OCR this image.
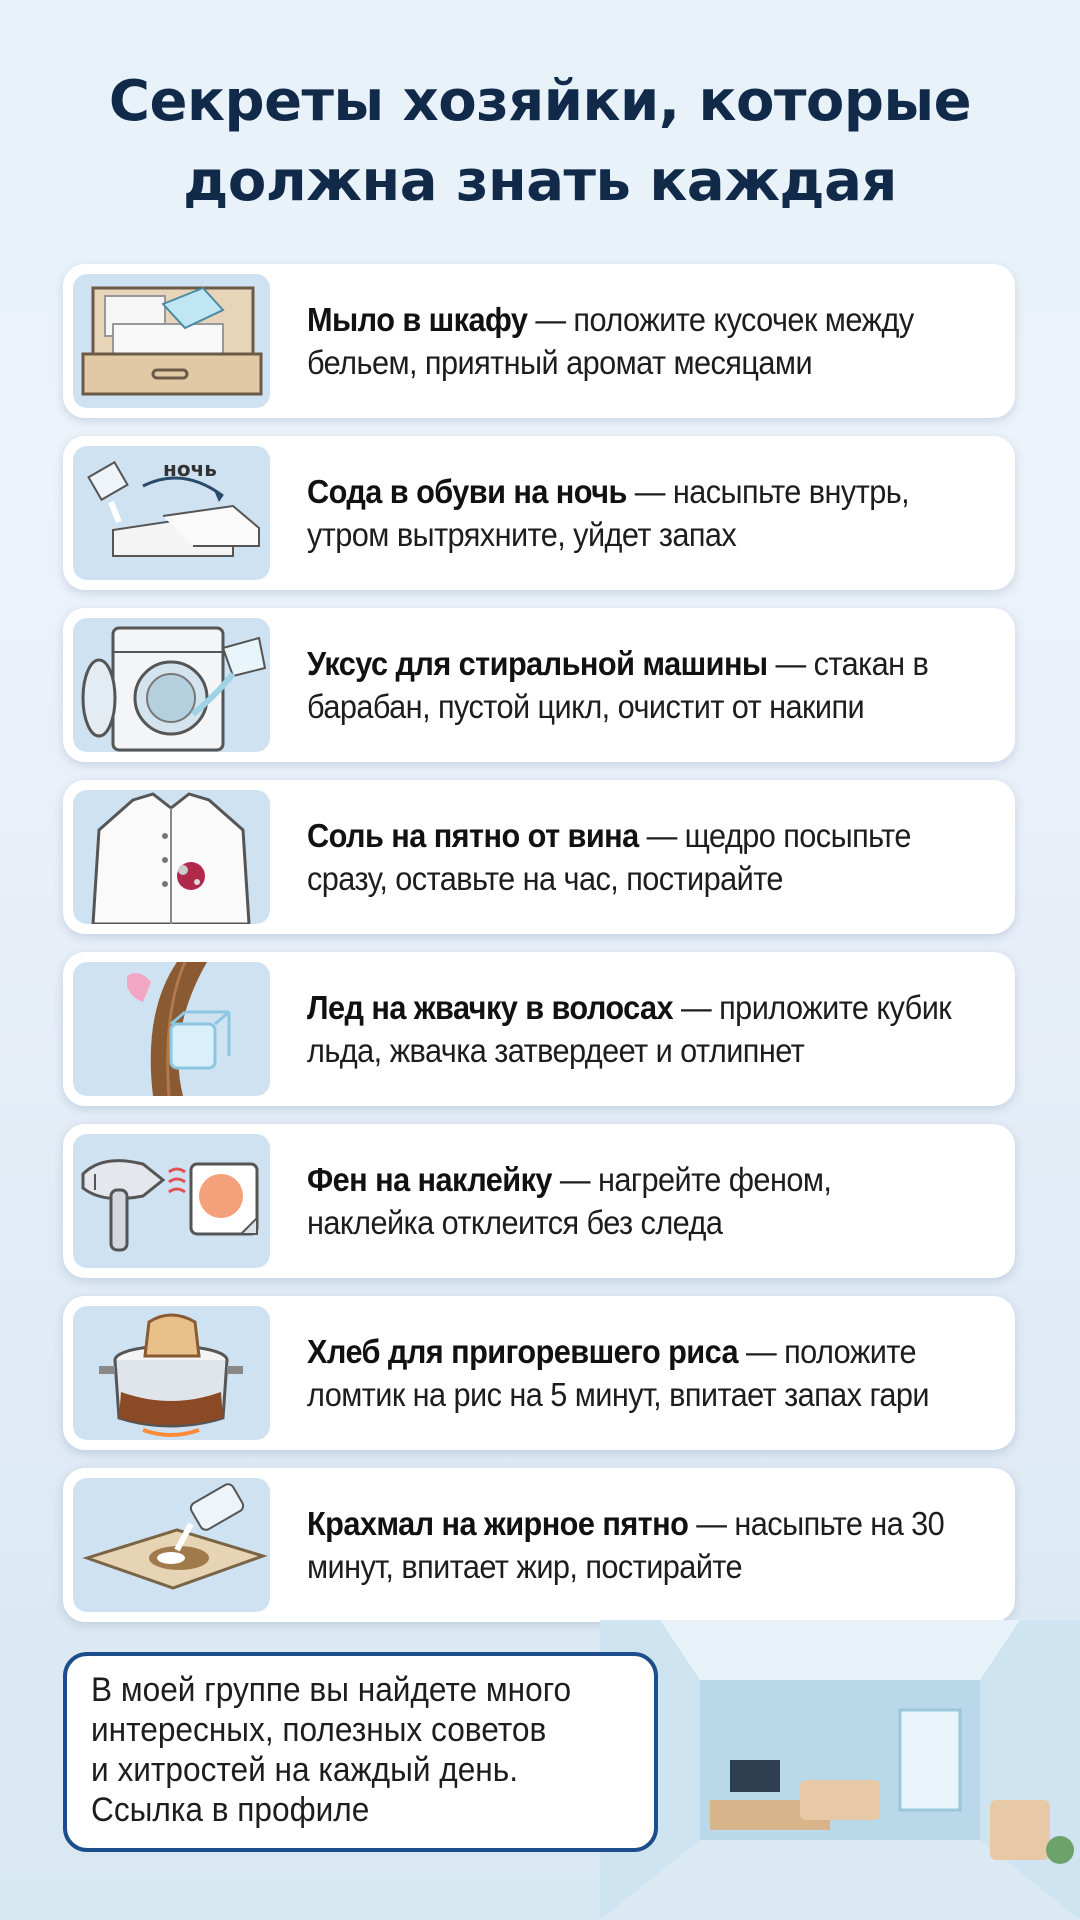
Секреты хозяйки, которые
должна знать каждая
Мыло в шкафу — положите кусочек между бельем, приятный аромат месяцами
ночь
Сода в обуви на ночь — насыпьте внутрь, утром вытряхните, уйдет запах
Уксус для стиральной машины — стакан в барабан, пустой цикл, очистит от накипи
Соль на пятно от вина — щедро посыпьте сразу, оставьте на час, постирайте
Лед на жвачку в волосах — приложите кубик льда, жвачка затвердеет и отлипнет
Фен на наклейку — нагрейте феном, наклейка отклеится без следа
Хлеб для пригоревшего риса — положите ломтик на рис на 5 минут, впитает запах гари
Крахмал на жирное пятно — насыпьте на 30 минут, впитает жир, постирайте
В моей группе вы найдете много
интересных, полезных советов
и хитростей на каждый день.
Ссылка в профиле
